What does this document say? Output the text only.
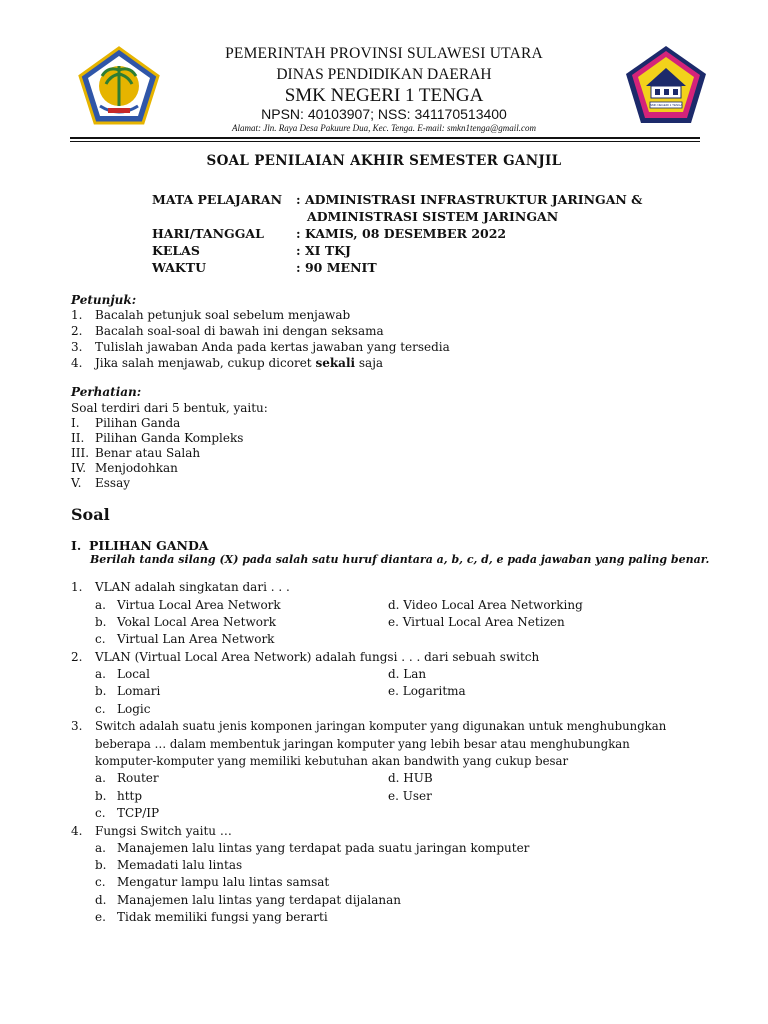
SMK NEGERI 1 TENGA
PEMERINTAH PROVINSI SULAWESI UTARA
DINAS PENDIDIKAN DAERAH
SMK NEGERI 1 TENGA
NPSN: 40103907; NSS: 341170513400
Alamat: Jln. Raya Desa Pakuure Dua, Kec. Tenga. E-mail: smkn1tenga@gmail.com
SOAL PENILAIAN AKHIR SEMESTER GANJIL
MATA PELAJARAN : ADMINISTRASI INFRASTRUKTUR JARINGAN &
ADMINISTRASI SISTEM JARINGAN
HARI/TANGGAL	: KAMIS, 08 DESEMBER 2022
KELAS	: XI TKJ
WAKTU	: 90 MENIT
Petunjuk:
1. Bacalah petunjuk soal sebelum menjawab
2. Bacalah soal-soal di bawah ini dengan seksama
3. Tulislah jawaban Anda pada kertas jawaban yang tersedia
4. Jika salah menjawab, cukup dicoret sekali saja
Perhatian:
Soal terdiri dari 5 bentuk, yaitu:
I. Pilihan Ganda
II. Pilihan Ganda Kompleks
III. Benar atau Salah
IV. Menjodohkan
V. Essay
Soal
I. PILIHAN GANDA
Berilah tanda silang (X) pada salah satu huruf diantara a, b, c, d, e pada jawaban yang paling benar.
1. VLAN adalah singkatan dari . . .
a. Virtua Local Area Network	d. Video Local Area Networking
b. Vokal Local Area Network	e. Virtual Local Area Netizen
c. Virtual Lan Area Network
2. VLAN (Virtual Local Area Network) adalah fungsi . . . dari sebuah switch
a. Local	d. Lan
b. Lomari	e. Logaritma
c. Logic
3. Switch adalah suatu jenis komponen jaringan komputer yang digunakan untuk menghubungkan
beberapa … dalam membentuk jaringan komputer yang lebih besar atau menghubungkan
komputer-komputer yang memiliki kebutuhan akan bandwith yang cukup besar
a. Router	d. HUB
b. http	e. User
c. TCP/IP
4. Fungsi Switch yaitu …
a. Manajemen lalu lintas yang terdapat pada suatu jaringan komputer
b. Memadati lalu lintas
c. Mengatur lampu lalu lintas samsat
d. Manajemen lalu lintas yang terdapat dijalanan
e. Tidak memiliki fungsi yang berarti
